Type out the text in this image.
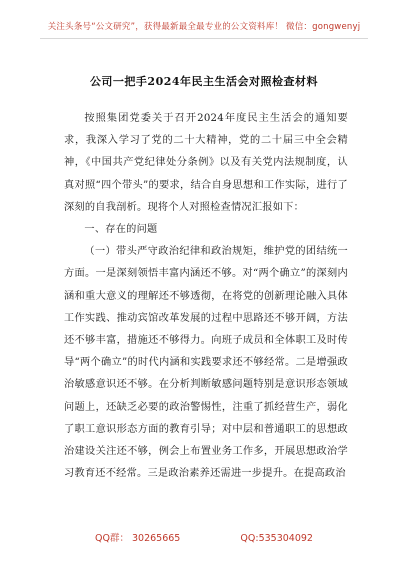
关注头条号“公文研究”，获得最新最全最专业的公文资料库！ 微信：gongwenyj
公司一把手2024年民主生活会对照检查材料

按照集团党委关于召开2024年度民主生活会的通知要求，我深入学习了党的二十大精神，党的二十届三中全会精神，《中国共产党纪律处分条例》以及有关党内法规制度，认真对照“四个带头”的要求，结合自身思想和工作实际，进行了深刻的自我剖析。现将个人对照检查情况汇报如下：

一、存在的问题

（一）带头严守政治纪律和政治规矩，维护党的团结统一方面。一是深刻领悟丰富内涵还不够。对“两个确立”的深刻内涵和重大意义的理解还不够透彻，在将党的创新理论融入具体工作实践、推动宾馆改革发展的过程中思路还不够开阔，方法还不够丰富，措施还不够得力。向班子成员和全体职工及时传导“两个确立”的时代内涵和实践要求还不够经常。二是增强政治敏感意识还不够。在分析判断敏感问题特别是意识形态领域问题上，还缺乏必要的政治警惕性，注重了抓经营生产，弱化了职工意识形态方面的教育引导；对中层和普通职工的思想政治建设关注还不够，例会上布置业务工作多，开展思想政治学习教育还不经常。三是政治素养还需进一步提升。在提高政治

QQ群： 30265665	QQ:535304092
